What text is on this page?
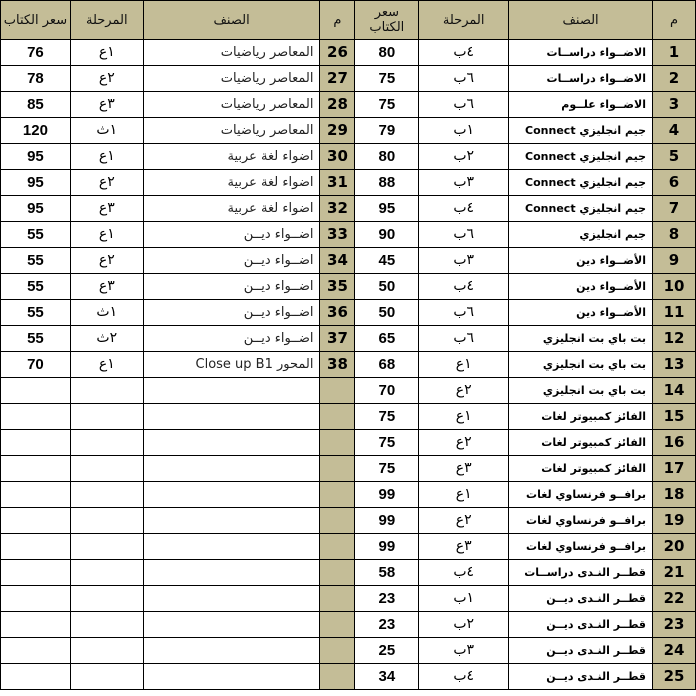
سعر الكتاب	المرحلة	الصنف	م	سعر الكتاب	المرحلة	الصنف	م
76	١ع	المعاصر رياضيات	26	80	٤ب	الاضــواء دراســات	1
78	٢ع	المعاصر رياضيات	27	75	٦ب	الاضــواء دراســات	2
85	٣ع	المعاصر رياضيات	28	75	٦ب	الاضــواء علــوم	3
120	١ث	المعاصر رياضيات	29	79	١ب	جيم انجليزي Connect	4
95	١ع	اضواء لغة عربية	30	80	٢ب	جيم انجليزي Connect	5
95	٢ع	اضواء لغة عربية	31	88	٣ب	جيم انجليزي Connect	6
95	٣ع	اضواء لغة عربية	32	95	٤ب	جيم انجليزي Connect	7
55	١ع	اضــواء ديــن	33	90	٦ب	جيم انجليزي	8
55	٢ع	اضــواء ديــن	34	45	٣ب	الأضــواء دين	9
55	٣ع	اضــواء ديــن	35	50	٤ب	الأضــواء دين	10
55	١ث	اضــواء ديــن	36	50	٦ب	الأضــواء دين	11
55	٢ث	اضــواء ديــن	37	65	٦ب	بت باي بت انجليزي	12
70	١ع	المحور Close up B1	38	68	١ع	بت باي بت انجليزي	13
				70	٢ع	بت باي بت انجليزي	14
				75	١ع	الفائز كمبيوتر لغات	15
				75	٢ع	الفائز كمبيوتر لغات	16
				75	٣ع	الفائز كمبيوتر لغات	17
				99	١ع	برافــو فرنساوي لغات	18
				99	٢ع	برافــو فرنساوي لغات	19
				99	٣ع	برافــو فرنساوي لغات	20
				58	٤ب	قطــر النـدى دراســات	21
				23	١ب	قطــر النـدى ديــن	22
				23	٢ب	قطــر النـدى ديــن	23
				25	٣ب	قطــر النـدى ديــن	24
				34	٤ب	قطــر النـدى ديــن	25
